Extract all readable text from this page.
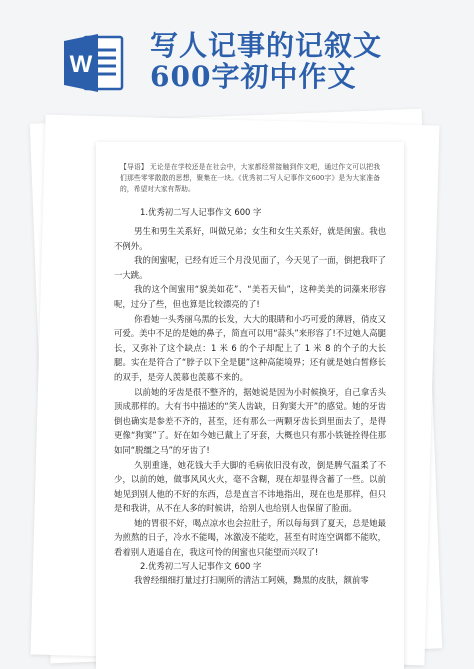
W
写人记事的记叙文
600字初中作文
【导语】 无论是在学校还是在社会中，大家都经常接触到作文吧，通过作文可以把我们那些零零散散的思想，聚集在一块。《优秀初二写人记事作文600字》是为大家准备的，希望对大家有帮助。
1.优秀初二写人记事作文 600 字

男生和男生关系好，叫做兄弟；女生和女生关系好，就是闺蜜。我也不例外。

我的闺蜜呢，已经有近三个月没见面了，今天见了一面，倒把我吓了一大跳。

我的这个闺蜜用“貌美如花”、“美若天仙”，这种美美的词藻来形容呢，过分了些，但也算是比较漂亮的了!

你看她一头秀丽乌黑的长发，大大的眼睛和小巧可爱的薄唇，俏皮又可爱。美中不足的是她的鼻子，简直可以用“蒜头”来形容了!不过她人高腿长，又弥补了这个缺点：1 米 6 的个子却配上了 1 米 8 的个子的大长腿。实在是符合了“脖子以下全是腿”这种高能境界；还有就是她白皙修长的双手，是旁人羡慕也羡慕不来的。

以前她的牙齿是很不整齐的，据她说是因为小时候换牙，自己拿舌头顶成那样的。大有书中描述的“笑人齿缺，日狗窦大开”的感觉。她的牙齿倒也确实是参差不齐的，甚至，还有那么一两颗牙齿长到里面去了，是得更像“狗窦”了。好在如今她已戴上了牙套，大概也只有那小铁链拴得住那如同“脱缰之马”的牙齿了!

久别重逢，她花钱大手大脚的毛病依旧没有改，倒是脾气温柔了不少，以前的她，做事风风火火，毫不含糊，现在却显得含蓄了一些。以前她见到别人他的不好的东西，总是直言不讳地指出，现在也是那样，但只是和我讲，从不在人多的时候讲，给别人也给别人也保留了脸面。

她的胃很不好，喝点凉水也会拉肚子，所以每每到了夏天，总是她最为煎熬的日子，冷水不能喝，冰激凌不能吃，甚至有时连空调都不能吹，看着别人逍遥自在，我这可怜的闺蜜也只能望而兴叹了!

2.优秀初二写人记事作文 600 字

我曾经细细打量过打扫厕所的清洁工阿姨，黝黑的皮肤，额前零
